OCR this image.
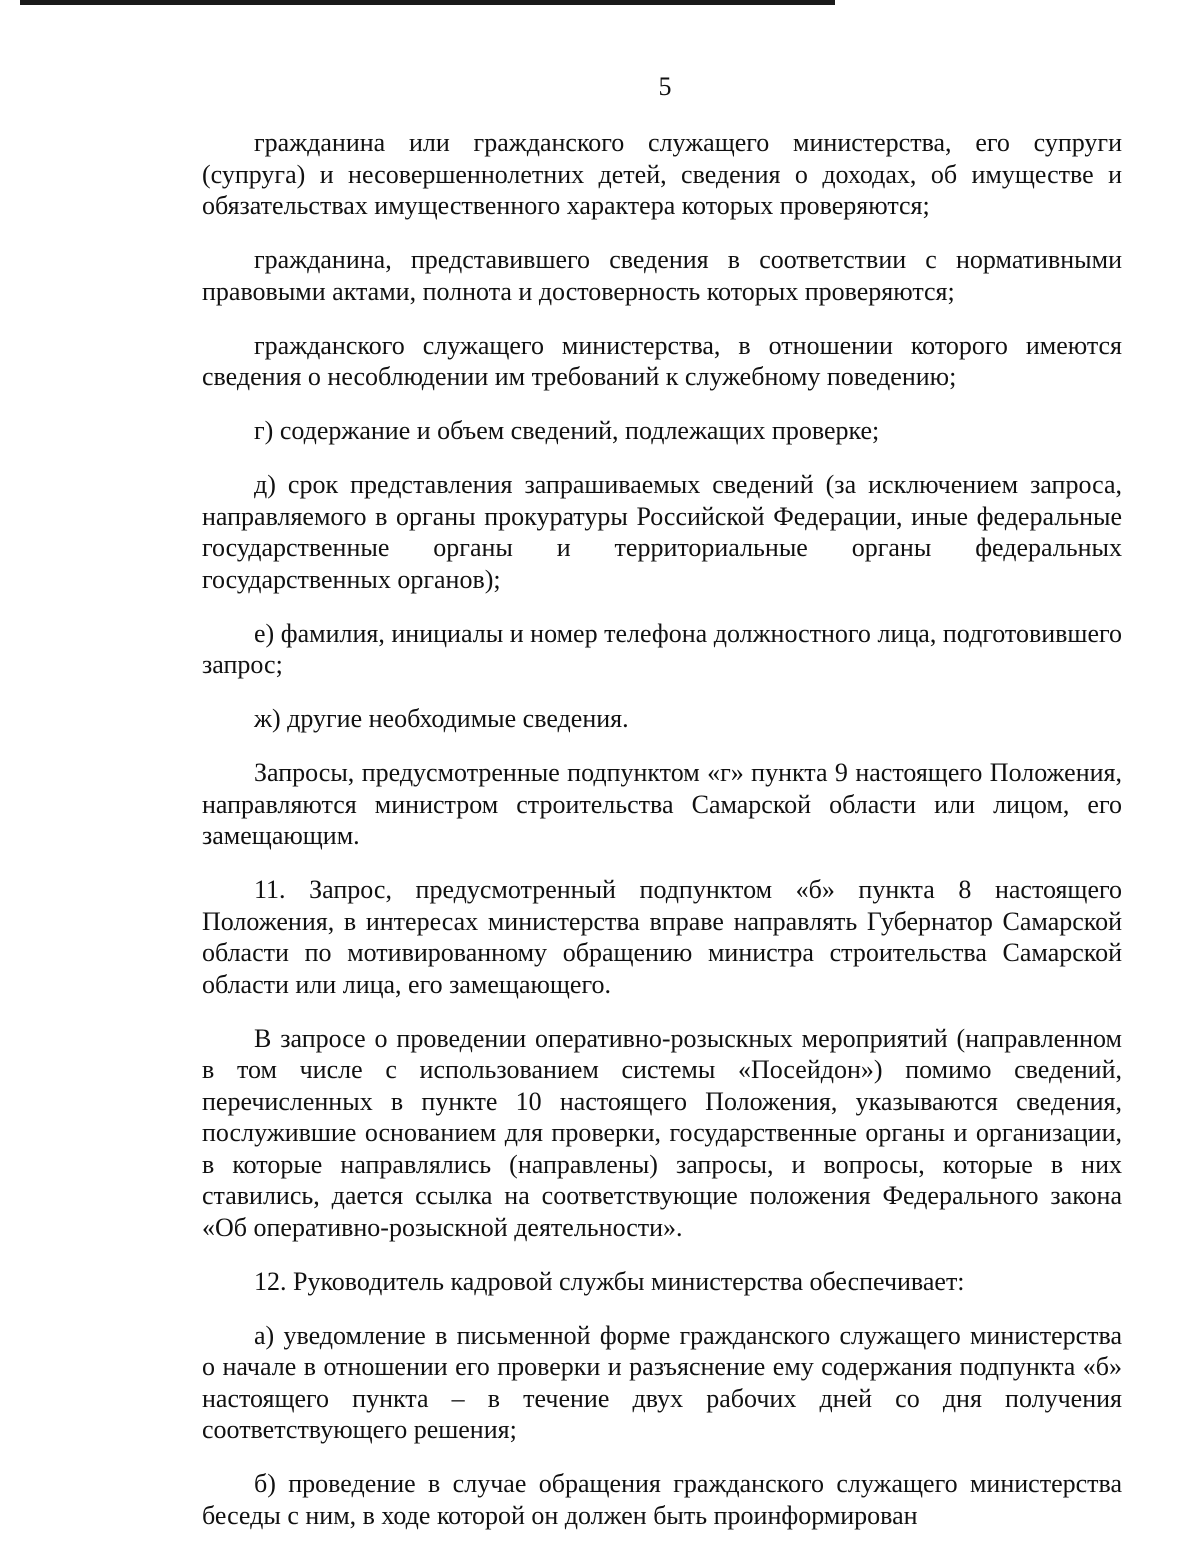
5

гражданина или гражданского служащего министерства, его супруги (супруга) и несовершеннолетних детей, сведения о доходах, об имуществе и обязательствах имущественного характера которых проверяются;

гражданина, представившего сведения в соответствии с нормативными правовыми актами, полнота и достоверность которых проверяются;

гражданского служащего министерства, в отношении которого имеются сведения о несоблюдении им требований к служебному поведению;

г) содержание и объем сведений, подлежащих проверке;

д) срок представления запрашиваемых сведений (за исключением запроса, направляемого в органы прокуратуры Российской Федерации, иные федеральные государственные органы и территориальные органы федеральных государственных органов);

е) фамилия, инициалы и номер телефона должностного лица, подготовившего запрос;

ж) другие необходимые сведения.

Запросы, предусмотренные подпунктом «г» пункта 9 настоящего Положения, направляются министром строительства Самарской области или лицом, его замещающим.

11. Запрос, предусмотренный подпунктом «б» пункта 8 настоящего Положения, в интересах министерства вправе направлять Губернатор Самарской области по мотивированному обращению министра строительства Самарской области или лица, его замещающего.

В запросе о проведении оперативно-розыскных мероприятий (направленном в том числе с использованием системы «Посейдон») помимо сведений, перечисленных в пункте 10 настоящего Положения, указываются сведения, послужившие основанием для проверки, государственные органы и организации, в которые направлялись (направлены) запросы, и вопросы, которые в них ставились, дается ссылка на соответствующие положения Федерального закона «Об оперативно-розыскной деятельности».

12. Руководитель кадровой службы министерства обеспечивает:

а) уведомление в письменной форме гражданского служащего министерства о начале в отношении его проверки и разъяснение ему содержания подпункта «б» настоящего пункта – в течение двух рабочих дней со дня получения соответствующего решения;

б) проведение в случае обращения гражданского служащего министерства беседы с ним, в ходе которой он должен быть проинформирован
